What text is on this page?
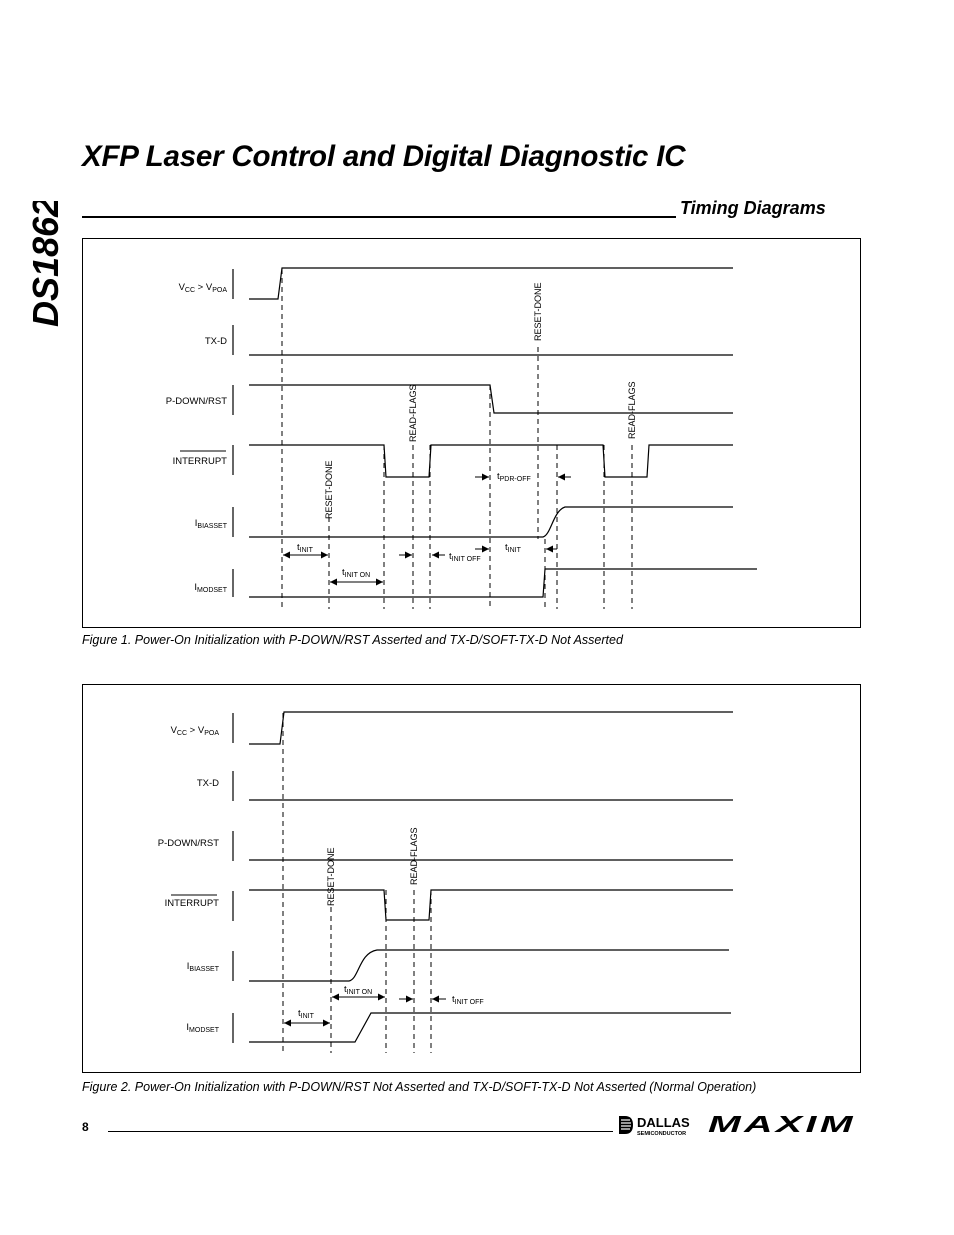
DS1862
XFP Laser Control and Digital Diagnostic IC
Timing Diagrams
$V_{CC} > V_{POA}$
TX-D
P-DOWN/RST
INTERRUPT
$I_{BIASSET}$
$I_{MODSET}$
RESET-DONE
READ-FLAGS
RESET-DONE
READ-FLAGS
$t_{INIT}$
$t_{INIT ON}$
$t_{INIT OFF}$
$t_{INIT}$
$t_{PDR-OFF}$
Figure 1. Power-On Initialization with P-DOWN/RST Asserted and TX-D/SOFT-TX-D Not Asserted
$V_{CC} > V_{POA}$
TX-D
P-DOWN/RST
INTERRUPT
$I_{BIASSET}$
$I_{MODSET}$
RESET-DONE	READ-FLAGS
$t_{INIT ON}$
$t_{INIT OFF}$
$t_{INIT}$
Figure 2. Power-On Initialization with P-DOWN/RST Not Asserted and TX-D/SOFT-TX-D Not Asserted (Normal Operation)
8	DALLAS
SEMICONDUCTOR MAXIM
